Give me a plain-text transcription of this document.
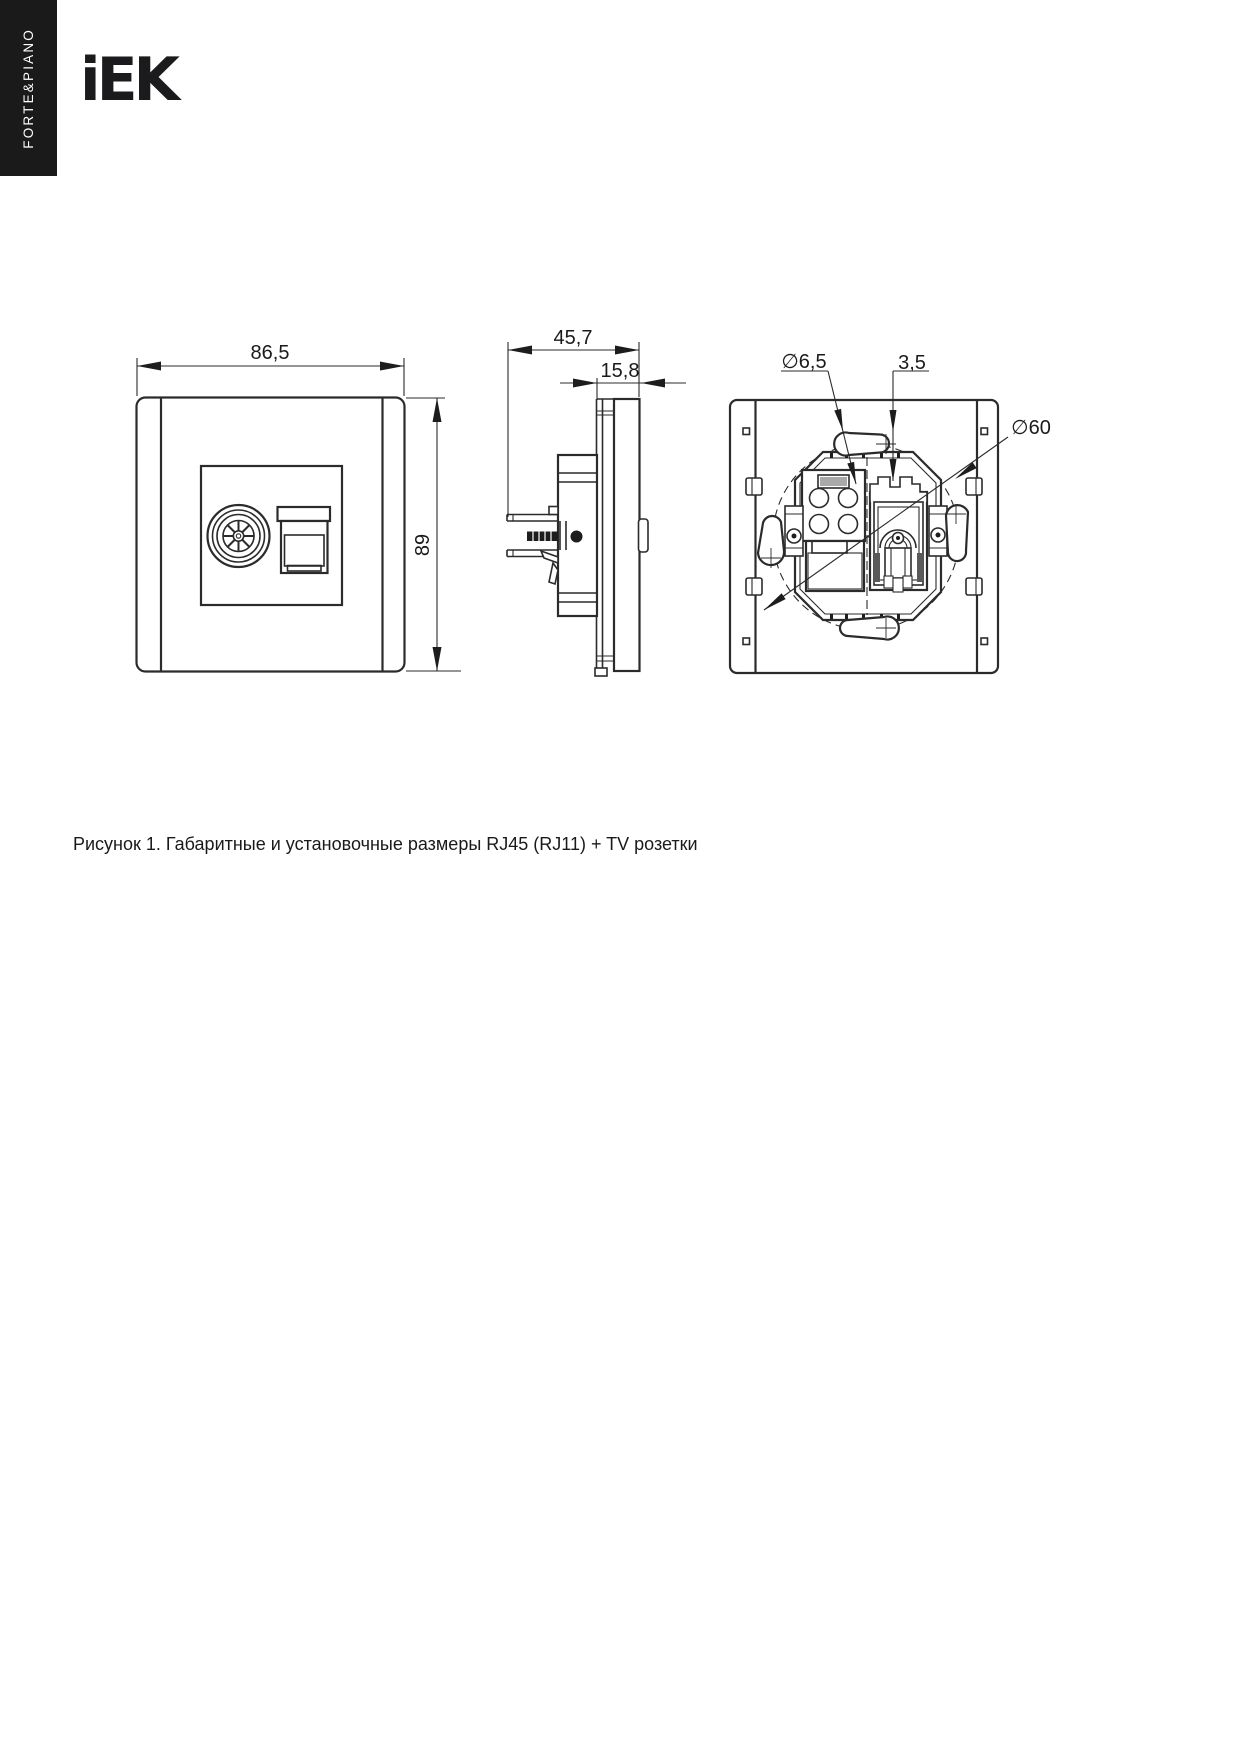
FORTE&PIANO iEK
86,5
89
45,7
15,8	∅6,5	3,5
∅60
Рисунок 1. Габаритные и установочные размеры RJ45 (RJ11) + TV розетки
